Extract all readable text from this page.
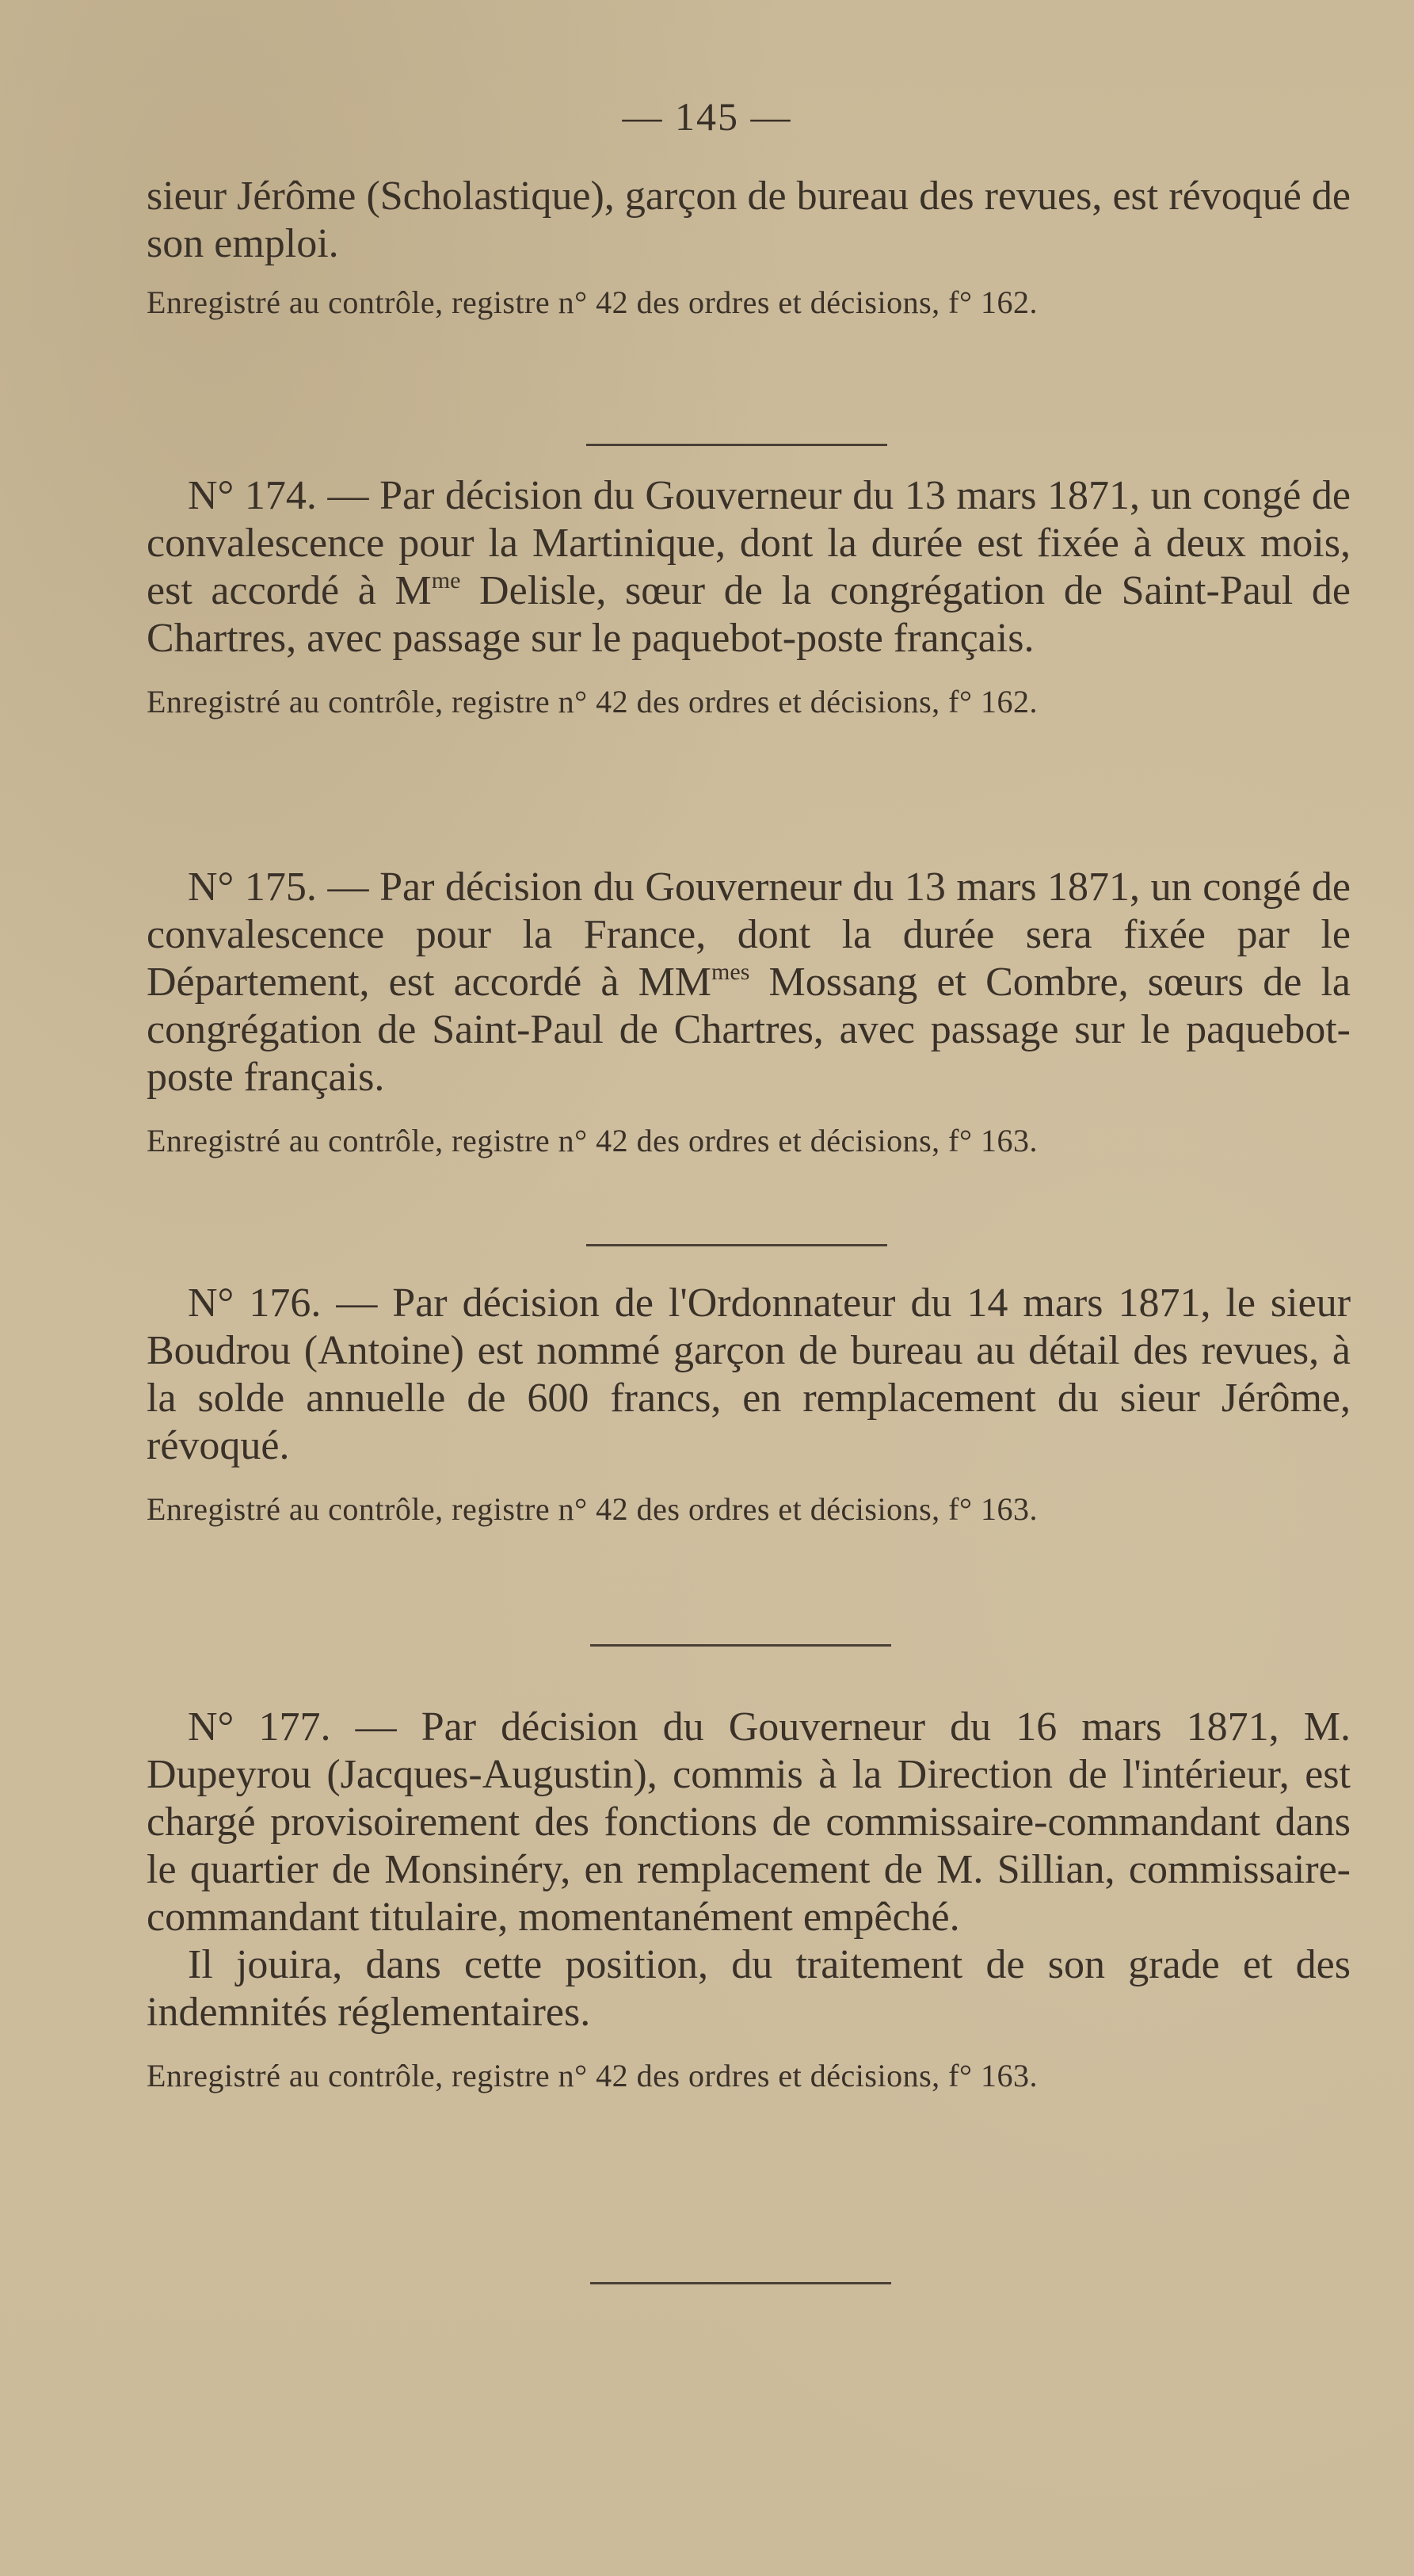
— 145 —

sieur Jérôme (Scholastique), garçon de bureau des revues, est révoqué de son emploi.

Enregistré au contrôle, registre n° 42 des ordres et décisions, f° 162.

N° 174. — Par décision du Gouverneur du 13 mars 1871, un congé de convalescence pour la Martinique, dont la durée est fixée à deux mois, est accordé à $M^{me}$ Delisle, sœur de la congrégation de Saint-Paul de Chartres, avec passage sur le paquebot-poste français.

Enregistré au contrôle, registre n° 42 des ordres et décisions, f° 162.

N° 175. — Par décision du Gouverneur du 13 mars 1871, un congé de convalescence pour la France, dont la durée sera fixée par le Département, est accordé à $MM^{mes}$ Mossang et Combre, sœurs de la congrégation de Saint-Paul de Chartres, avec passage sur le paquebot-poste français.

Enregistré au contrôle, registre n° 42 des ordres et décisions, f° 163.

N° 176. — Par décision de l'Ordonnateur du 14 mars 1871, le sieur Boudrou (Antoine) est nommé garçon de bureau au détail des revues, à la solde annuelle de 600 francs, en remplacement du sieur Jérôme, révoqué.

Enregistré au contrôle, registre n° 42 des ordres et décisions, f° 163.

N° 177. — Par décision du Gouverneur du 16 mars 1871, M. Dupeyrou (Jacques-Augustin), commis à la Direction de l'intérieur, est chargé provisoirement des fonctions de commissaire-commandant dans le quartier de Monsinéry, en remplacement de M. Sillian, commissaire-commandant titulaire, momentanément empêché.

Il jouira, dans cette position, du traitement de son grade et des indemnités réglementaires.

Enregistré au contrôle, registre n° 42 des ordres et décisions, f° 163.
